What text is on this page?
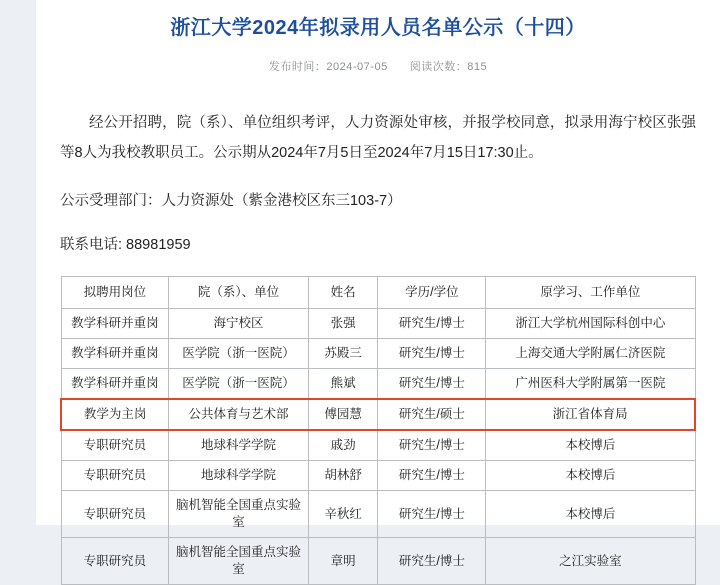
浙江大学2024年拟录用人员名单公示（十四）
发布时间：2024-07-05 阅读次数：815
经公开招聘，院（系）、单位组织考评，人力资源处审核，并报学校同意，拟录用海宁校区张强等8人为我校教职员工。公示期从2024年7月5日至2024年7月15日17:30止。
公示受理部门：人力资源处（紫金港校区东三103-7）
联系电话: 88981959
拟聘用岗位	院（系）、单位	姓名	学历/学位	原学习、工作单位
教学科研并重岗	海宁校区	张强	研究生/博士	浙江大学杭州国际科创中心
教学科研并重岗	医学院（浙一医院）	苏殿三	研究生/博士	上海交通大学附属仁济医院
教学科研并重岗	医学院（浙一医院）	熊斌	研究生/博士	广州医科大学附属第一医院
教学为主岗	公共体育与艺术部	傅园慧	研究生/硕士	浙江省体育局
专职研究员	地球科学学院	戚劲	研究生/博士	本校博后
专职研究员	地球科学学院	胡林舒	研究生/博士	本校博后
专职研究员	脑机智能全国重点实验室	辛秋红	研究生/博士	本校博后
专职研究员	脑机智能全国重点实验室	章明	研究生/博士	之江实验室
